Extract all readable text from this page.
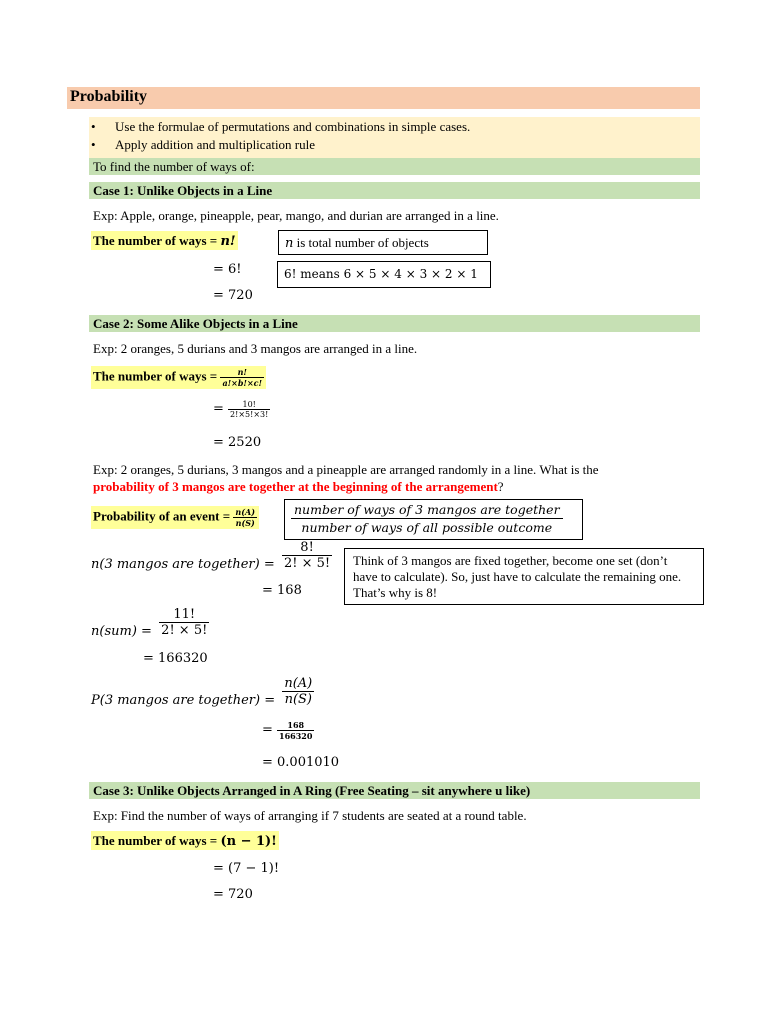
Probability
• Use the formulae of permutations and combinations in simple cases.
• Apply addition and multiplication rule
To find the number of ways of:
Case 1: Unlike Objects in a Line
Exp: Apple, orange, pineapple, pear, mango, and durian are arranged in a line.
The number of ways = n!	n is total number of objects
= 6!	6! means 6 × 5 × 4 × 3 × 2 × 1
= 720
Case 2: Some Alike Objects in a Line
Exp: 2 oranges, 5 durians and 3 mangos are arranged in a line.
The number of ways = $\frac{n!}{a!\times b!\times c!}$
= $\frac{10!}{2!\times 5!\times 3!}$
= 2520
Exp: 2 oranges, 5 durians, 3 mangos and a pineapple are arranged randomly in a line. What is the
probability of 3 mangos are together at the beginning of the arrangement?
Probability of an event = $\frac{n(A)}{n(S)}$	number of ways of 3 mangos are together
number of ways of all possible outcome
n(3 mangos are together) = $\frac{8!}{2! \times 5!}$
= 168
Think of 3 mangos are fixed together, become one set (don’t have to calculate). So, just have to calculate the remaining one. That’s why is 8!
$n(sum) = \frac{11!}{2! \times 5!}$
= 166320
P(3 mangos are together) = $\frac{n(A)}{n(S)}$
= $\frac{168}{166320}$
= 0.001010
Case 3: Unlike Objects Arranged in A Ring (Free Seating – sit anywhere u like)
Exp: Find the number of ways of arranging if 7 students are seated at a round table.
The number of ways = (n − 1)!
= (7 − 1)!
= 720
